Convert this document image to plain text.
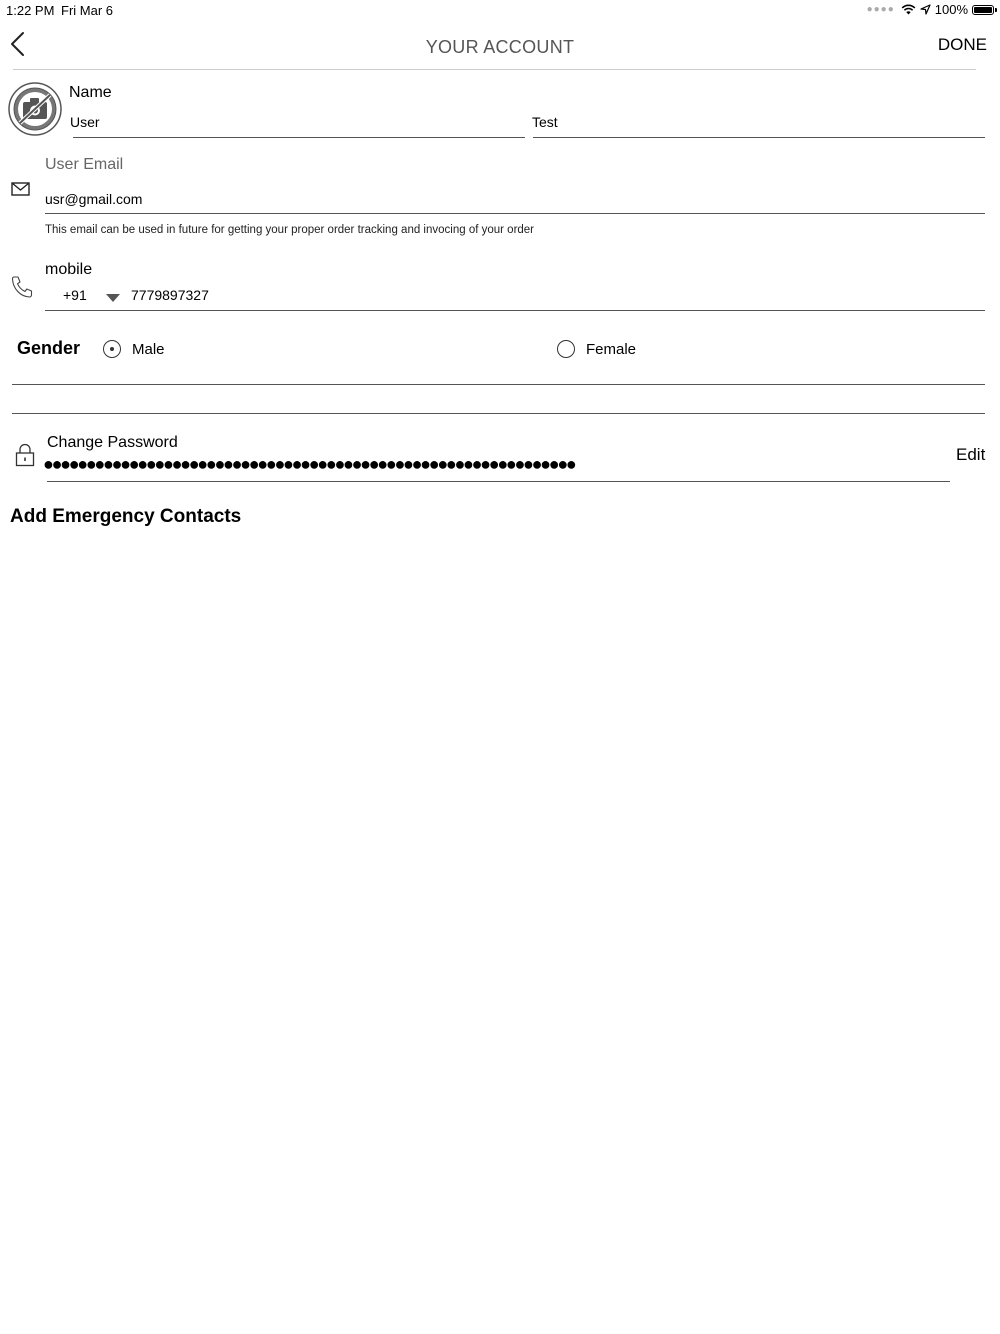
1:22 PM Fri Mar 6	●●●●	100%
YOUR ACCOUNT	DONE
Name
User	Test
User Email
usr@gmail.com
This email can be used in future for getting your proper order tracking and invocing of your order
mobile
+91	7779897327
Gender	Male	Female
Change Password
●●●●●●●●●●●●●●●●●●●●●●●●●●●●●●●●●●●●●●●●●●●●●●●●●●●●●●●●●●●●●●	Edit
Add Emergency Contacts
